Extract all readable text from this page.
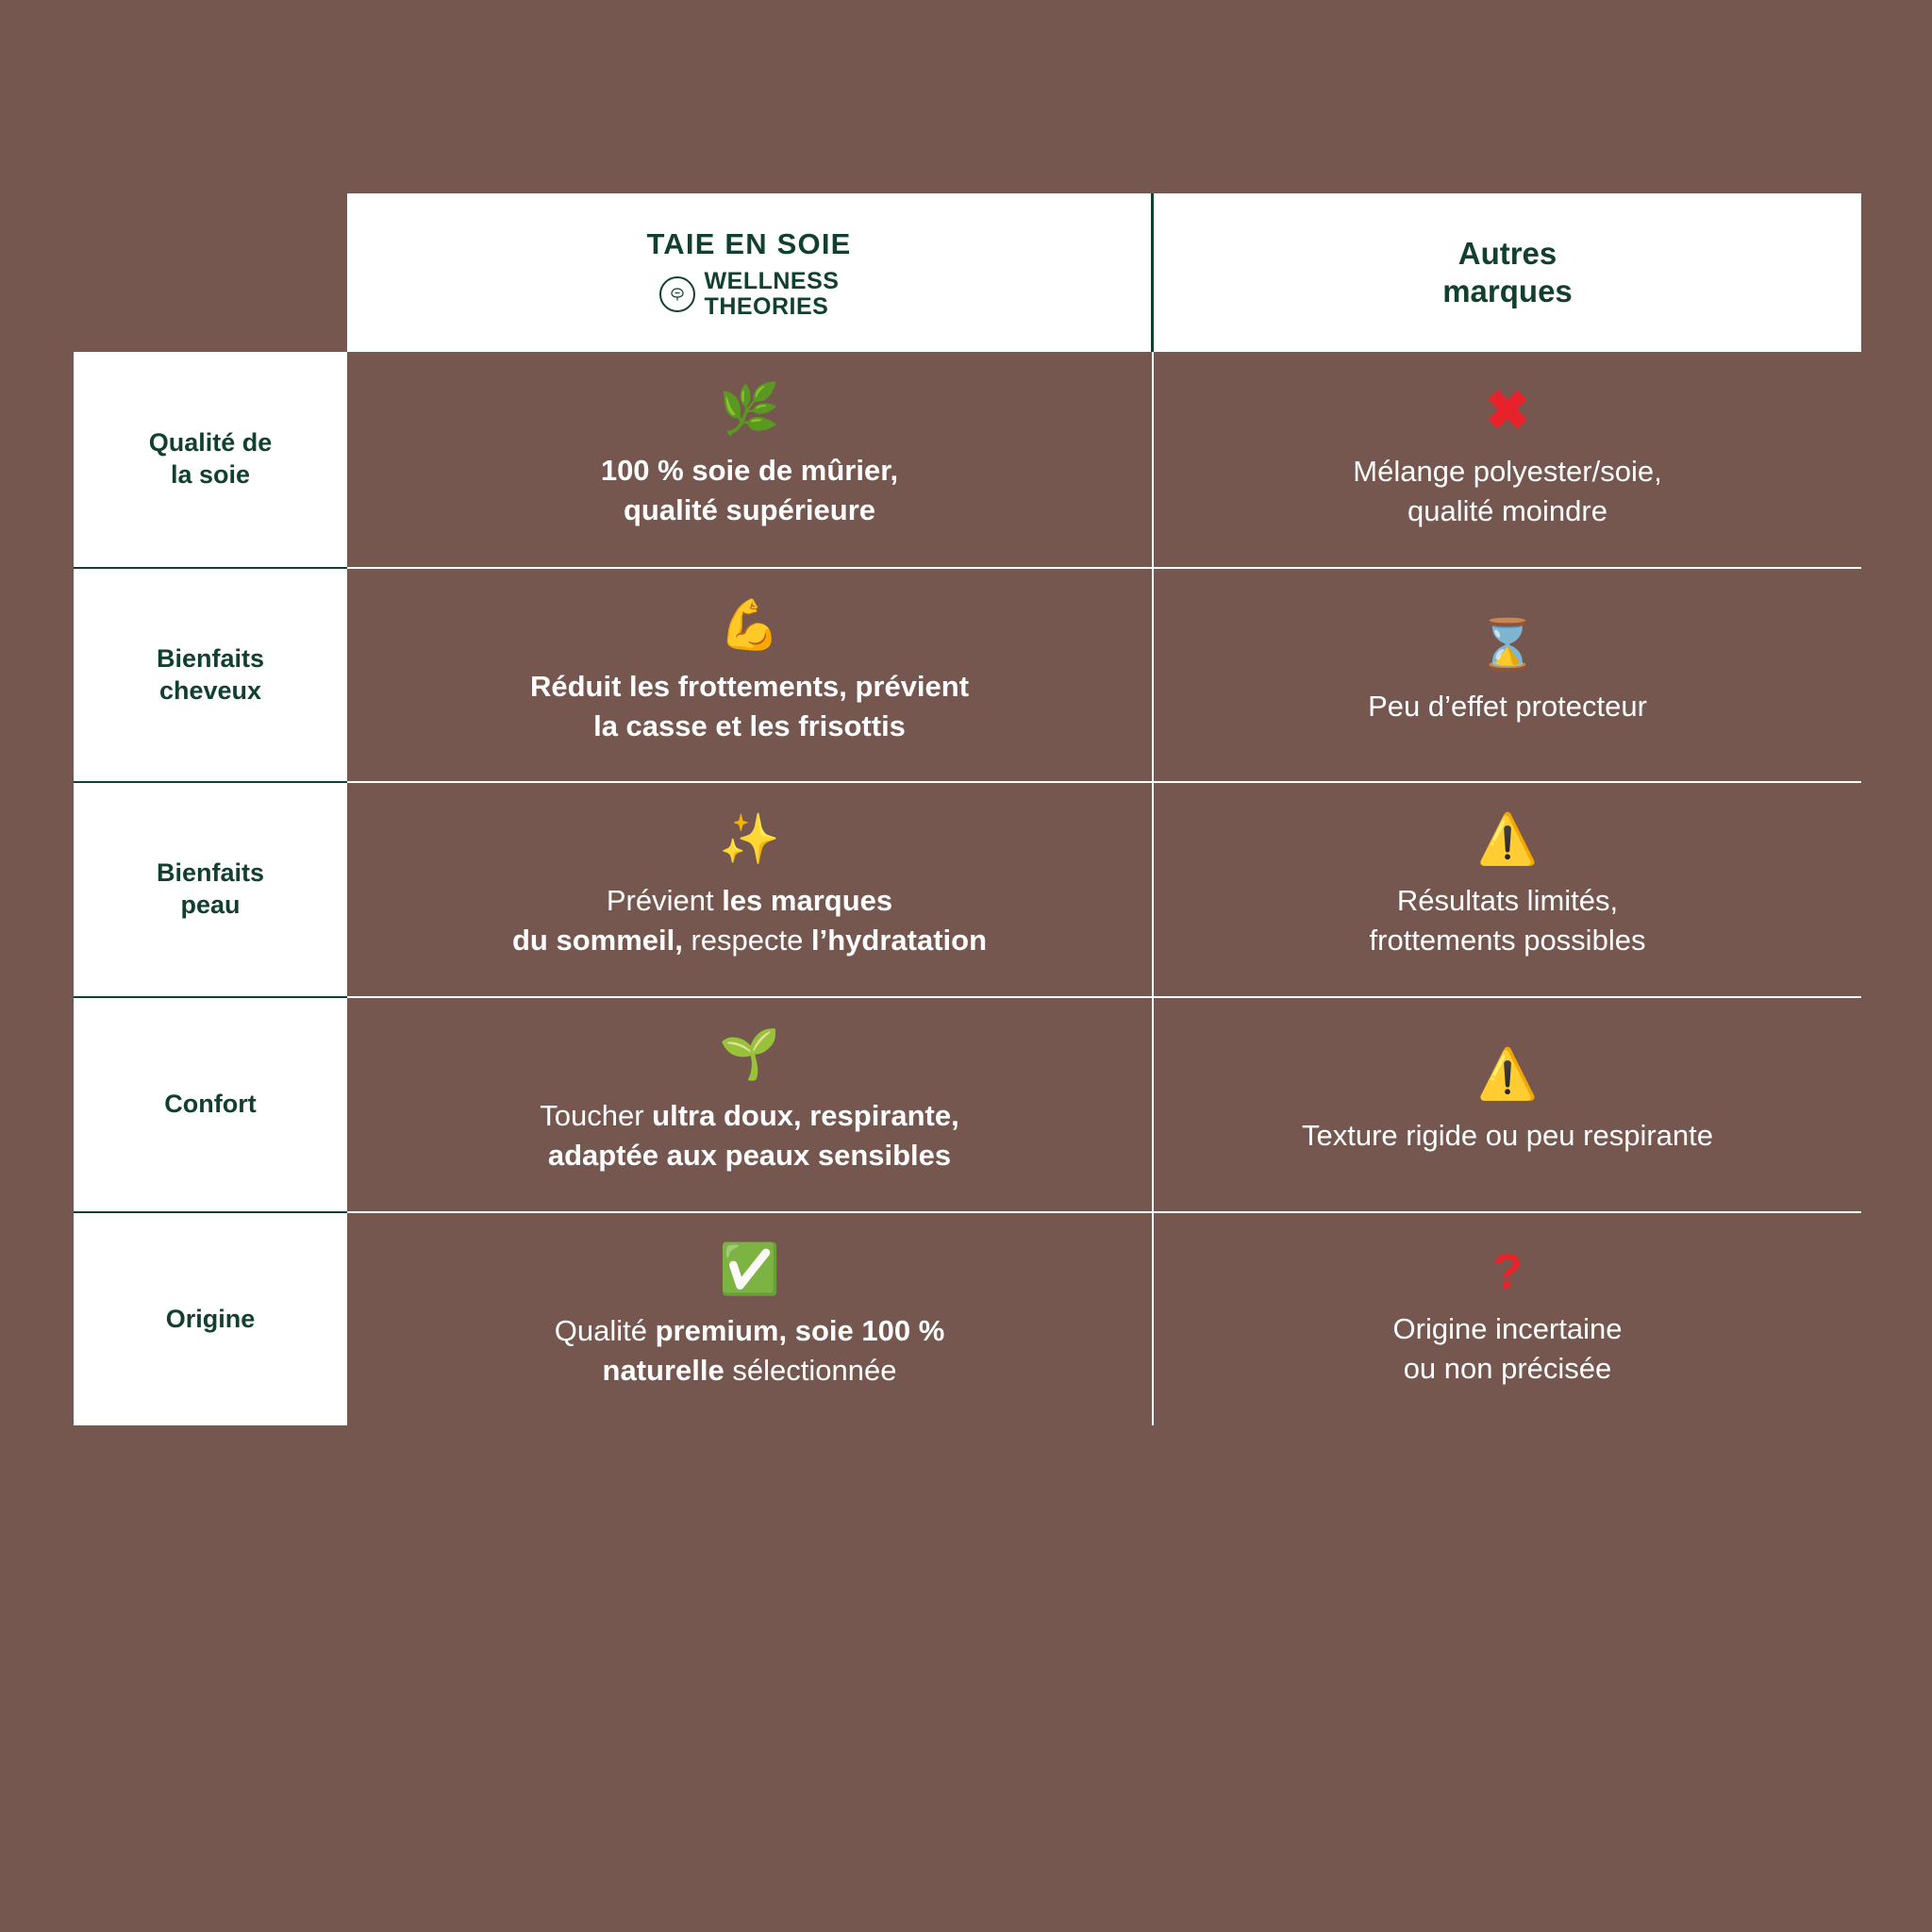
TAIE EN SOIE
WELLNESS
THEORIES
Autres
marques
Qualité de
la soie
🌿
100 % soie de mûrier,
qualité supérieure
✖
Mélange polyester/soie,
qualité moindre
Bienfaits
cheveux
💪
Réduit les frottements, prévient
la casse et les frisottis
⌛
Peu d’effet protecteur
Bienfaits
peau
✨
Prévient les marques
du sommeil, respecte l’hydratation
⚠️
Résultats limités,
frottements possibles
Confort
🌱
Toucher ultra doux, respirante,
adaptée aux peaux sensibles
⚠️
Texture rigide ou peu respirante
Origine
✅
Qualité premium, soie 100 %
naturelle sélectionnée
?
Origine incertaine
ou non précisée
